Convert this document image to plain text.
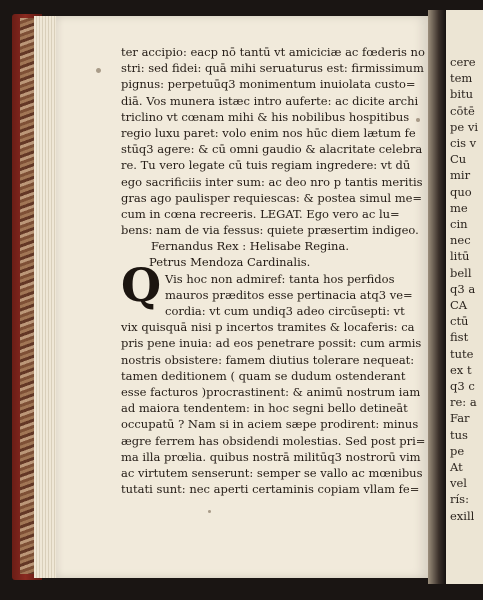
cere
tem
bitu
cōtē
pe vi
cis v
Cu
mir
quo
me
cin
nec
litū
bell
q3 a
CA
ctū
fist
tute
ex t
q3 c
re: a
Far
tus
pe
At
vel
rís:
exill
ter accipio: eacp nō tantū vt amiciciæ ac fœderis no
stri: sed fidei: quā mihi seruaturus est: firmissimum
pignus: perpetuūq3 monimentum inuiolata custo=
diā. Vos munera istæc intro auferte: ac dicite archi
triclino vt cœnam mihi & his nobilibus hospitibus
regio luxu paret: volo enim nos hūc diem lætum fe
stūq3 agere: & cū omni gaudio & alacritate celebra
re. Tu vero legate cū tuis regiam ingredere: vt dū
ego sacrificiis inter sum: ac deo nro p tantis meritis
gras ago paulisper requiescas: & postea simul me=
cum in cœna recreeris. LEGAT. Ego vero ac lu=
bens: nam de via fessus: quiete præsertim indigeo.
Fernandus Rex : Helisabe Regina.
Petrus Mendoza Cardinalis.
Vis hoc non admiref: tanta hos perfidos
mauros præditos esse pertinacia atq3 ve=
cordia: vt cum undiq3 adeo circūsepti: vt
vix quisquā nisi p incertos tramites & locaferis: ca
pris pene inuia: ad eos penetrare possit: cum armis
nostris obsistere: famem diutius tolerare nequeat:
tamen deditionem ( quam se dudum ostenderant
esse facturos )procrastinent: & animū nostrum iam
ad maiora tendentem: in hoc segni bello detineāt
occupatū ? Nam si in aciem sæpe prodirent: minus
ægre ferrem has obsidendi molestias. Sed post pri=
ma illa prœlia. quibus nostrā militūq3 nostrorū vim
ac virtutem senserunt: semper se vallo ac mœnibus
tutati sunt: nec aperti certaminis copiam vllam fe=
Q
